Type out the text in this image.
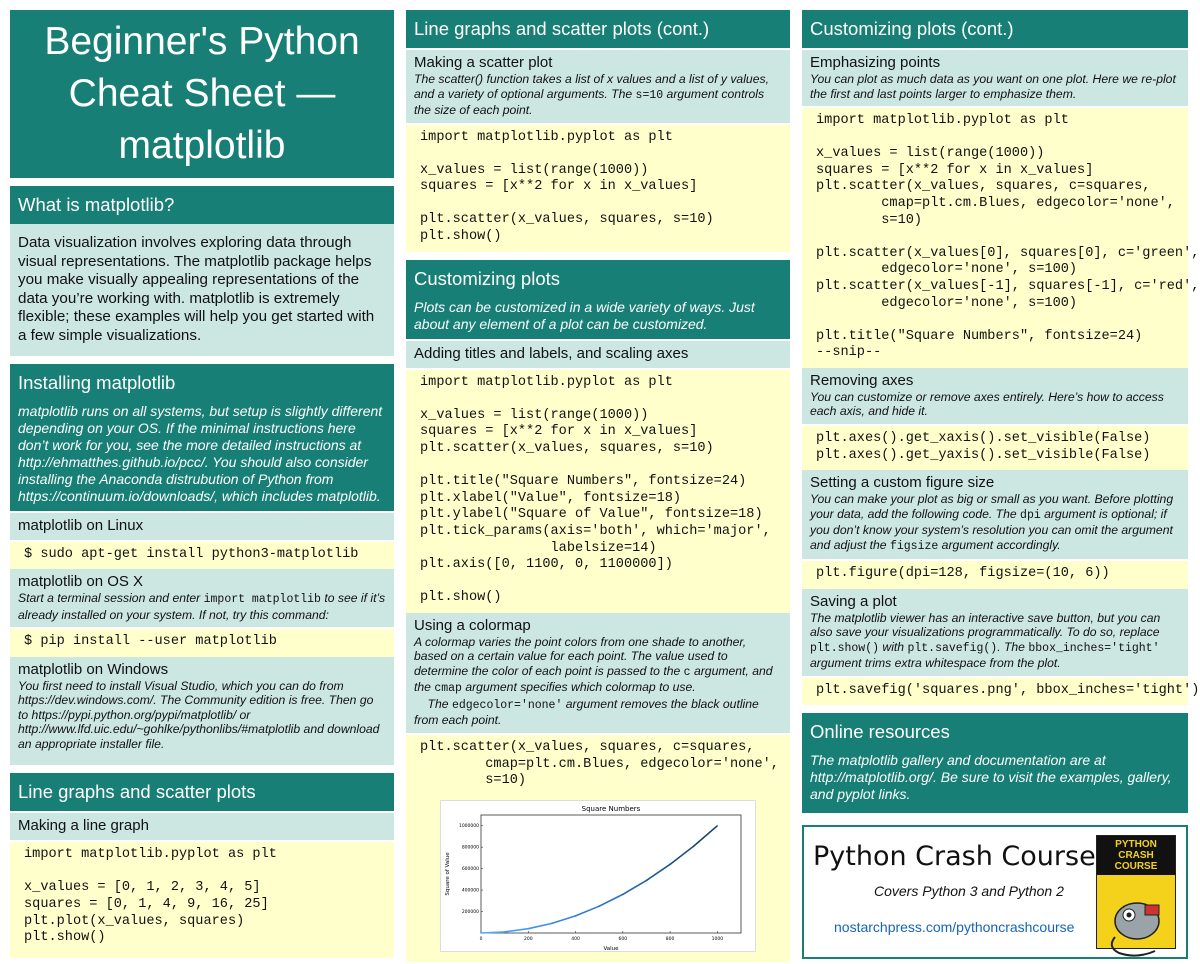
Beginner's Python Cheat Sheet — matplotlib
What is matplotlib?
Data visualization involves exploring data through visual representations. The matplotlib package helps you make visually appealing representations of the data you’re working with. matplotlib is extremely flexible; these examples will help you get started with a few simple visualizations.
Installing matplotlib
matplotlib runs on all systems, but setup is slightly different depending on your OS. If the minimal instructions here don’t work for you, see the more detailed instructions at http://ehmatthes.github.io/pcc/. You should also consider installing the Anaconda distrubution of Python from https://continuum.io/downloads/, which includes matplotlib.
matplotlib on Linux
$ sudo apt-get install python3-matplotlib
matplotlib on OS X
Start a terminal session and enter import matplotlib to see if it’s already installed on your system. If not, try this command:
$ pip install --user matplotlib
matplotlib on Windows
You first need to install Visual Studio, which you can do from https://dev.windows.com/. The Community edition is free. Then go to https://pypi.python.org/pypi/matplotlib/ or http://www.lfd.uic.edu/~gohlke/pythonlibs/#matplotlib and download an appropriate installer file.
Line graphs and scatter plots
Making a line graph
import matplotlib.pyplot as plt

x_values = [0, 1, 2, 3, 4, 5]
squares = [0, 1, 4, 9, 16, 25]
plt.plot(x_values, squares)
plt.show()
Line graphs and scatter plots (cont.)
Making a scatter plot
The scatter() function takes a list of x values and a list of y values, and a variety of optional arguments. The s=10 argument controls the size of each point.
import matplotlib.pyplot as plt

x_values = list(range(1000))
squares = [x**2 for x in x_values]

plt.scatter(x_values, squares, s=10)
plt.show()
Customizing plots
Plots can be customized in a wide variety of ways. Just about any element of a plot can be customized.
Adding titles and labels, and scaling axes
import matplotlib.pyplot as plt

x_values = list(range(1000))
squares = [x**2 for x in x_values]
plt.scatter(x_values, squares, s=10)

plt.title("Square Numbers", fontsize=24)
plt.xlabel("Value", fontsize=18)
plt.ylabel("Square of Value", fontsize=18)
plt.tick_params(axis='both', which='major',
labelsize=14)
plt.axis([0, 1100, 0, 1100000])

plt.show()
Using a colormap
A colormap varies the point colors from one shade to another, based on a certain value for each point. The value used to determine the color of each point is passed to the c argument, and the cmap argument specifies which colormap to use.
The edgecolor='none' argument removes the black outline from each point.
plt.scatter(x_values, squares, c=squares,
cmap=plt.cm.Blues, edgecolor='none',
s=10)
Square Numbers
Value
Square of Value
0	200	400	600	800	1000
200000
400000
600000
800000
1000000
Customizing plots (cont.)
Emphasizing points
You can plot as much data as you want on one plot. Here we re-plot the first and last points larger to emphasize them.
import matplotlib.pyplot as plt

x_values = list(range(1000))
squares = [x**2 for x in x_values]
plt.scatter(x_values, squares, c=squares,
cmap=plt.cm.Blues, edgecolor='none',
s=10)

plt.scatter(x_values[0], squares[0], c='green',
edgecolor='none', s=100)
plt.scatter(x_values[-1], squares[-1], c='red',
edgecolor='none', s=100)

plt.title("Square Numbers", fontsize=24)
--snip--
Removing axes
You can customize or remove axes entirely. Here’s how to access each axis, and hide it.
plt.axes().get_xaxis().set_visible(False)
plt.axes().get_yaxis().set_visible(False)
Setting a custom figure size
You can make your plot as big or small as you want. Before plotting your data, add the following code. The dpi argument is optional; if you don’t know your system’s resolution you can omit the argument and adjust the figsize argument accordingly.
plt.figure(dpi=128, figsize=(10, 6))
Saving a plot
The matplotlib viewer has an interactive save button, but you can also save your visualizations programmatically. To do so, replace plt.show() with plt.savefig(). The bbox_inches='tight' argument trims extra whitespace from the plot.
plt.savefig('squares.png', bbox_inches='tight')
Online resources
The matplotlib gallery and documentation are at http://matplotlib.org/. Be sure to visit the examples, gallery, and pyplot links.
Python Crash Course
Covers Python 3 and Python 2
nostarchpress.com/pythoncrashcourse
PYTHON
CRASH COURSE
